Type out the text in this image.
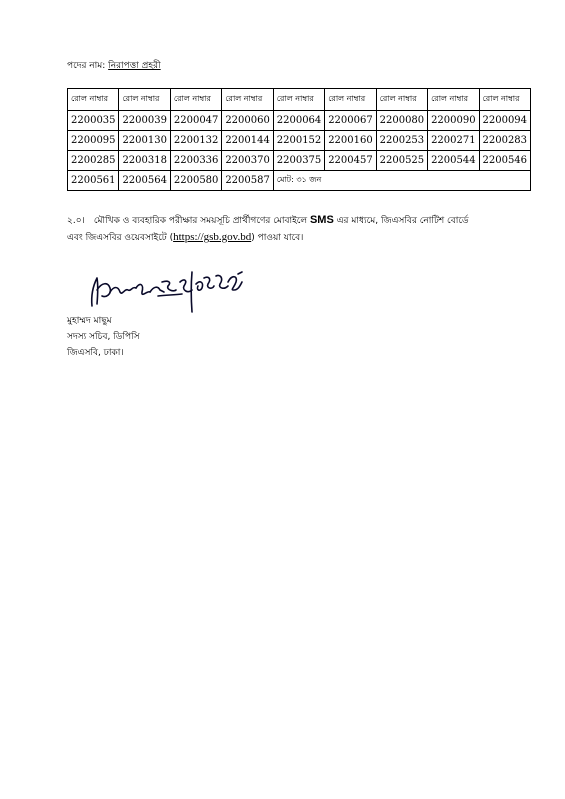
পদের নাম: নিরাপত্তা প্রহরী
রোল নাম্বার	রোল নাম্বার	রোল নাম্বার	রোল নাম্বার	রোল নাম্বার	রোল নাম্বার	রোল নাম্বার	রোল নাম্বার	রোল নাম্বার
2200035	2200039	2200047	2200060	2200064	2200067	2200080	2200090	2200094
2200095	2200130	2200132	2200144	2200152	2200160	2200253	2200271	2200283
2200285	2200318	2200336	2200370	2200375	2200457	2200525	2200544	2200546
2200561	2200564	2200580	2200587	মোট: ৩১ জন				
২.০। মৌখিক ও ব্যবহারিক পরীক্ষার সময়সূচি প্রার্থীগণের মোবাইলে SMS এর মাধ্যমে, জিএসবির নোটিশ বোর্ডে
এবং জিএসবির ওয়েবসাইটে (https://gsb.gov.bd) পাওয়া যাবে।
মুহাম্মদ মাছুম
সদস্য সচিব, ডিপিসি
জিএসবি, ঢাকা।
